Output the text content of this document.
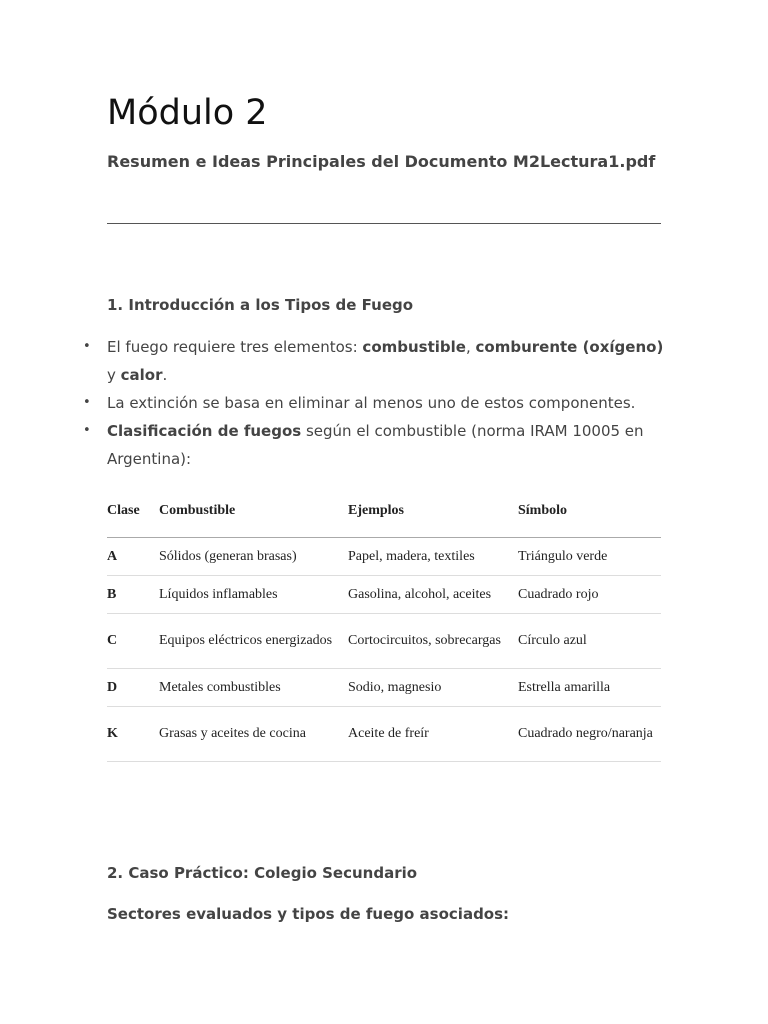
Módulo 2
Resumen e Ideas Principales del Documento M2Lectura1.pdf
1. Introducción a los Tipos de Fuego
• El fuego requiere tres elementos: combustible, comburente (oxígeno) y calor.
• La extinción se basa en eliminar al menos uno de estos componentes.
• Clasificación de fuegos según el combustible (norma IRAM 10005 en Argentina):
Clase	Combustible	Ejemplos	Símbolo
A	Sólidos (generan brasas)	Papel, madera, textiles	Triángulo verde
B	Líquidos inflamables	Gasolina, alcohol, aceites	Cuadrado rojo
C	Equipos eléctricos energizados	Cortocircuitos, sobrecargas	Círculo azul
D	Metales combustibles	Sodio, magnesio	Estrella amarilla
K	Grasas y aceites de cocina	Aceite de freír	Cuadrado negro/naranja
2. Caso Práctico: Colegio Secundario
Sectores evaluados y tipos de fuego asociados:
